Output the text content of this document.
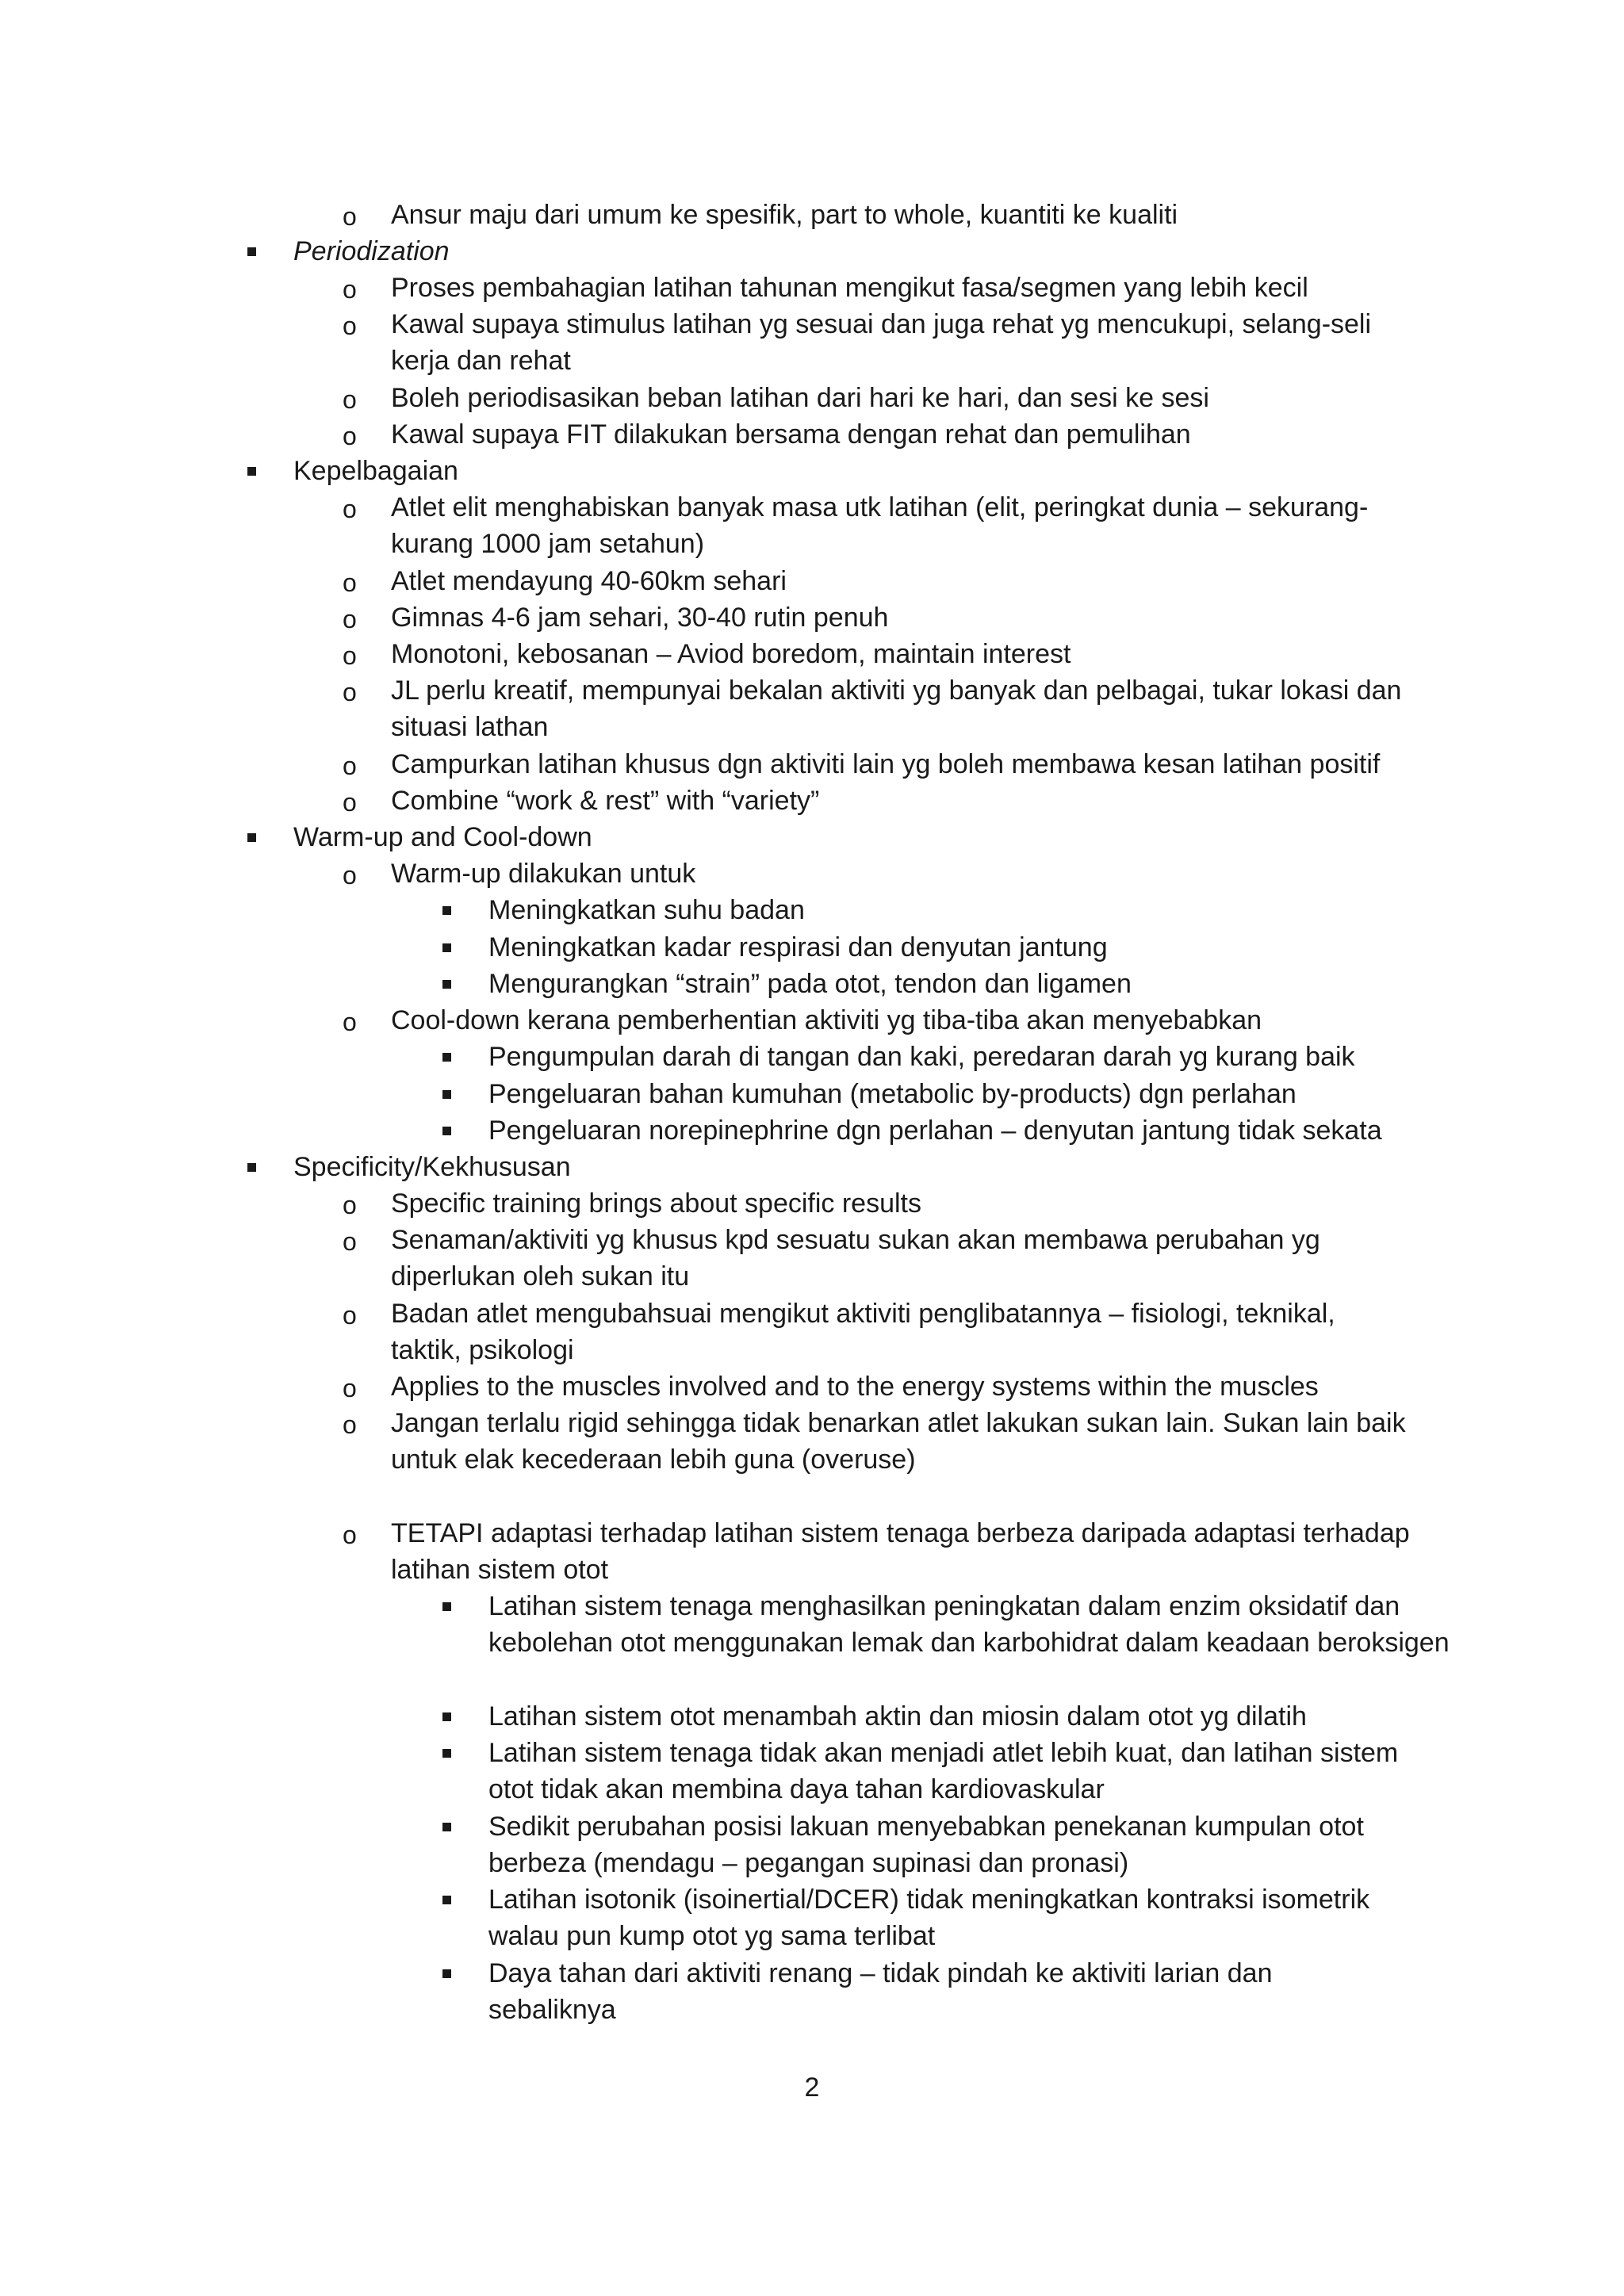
o Ansur maju dari umum ke spesifik, part to whole, kuantiti ke kualiti
Periodization
o Proses pembahagian latihan tahunan mengikut fasa/segmen yang lebih kecil
o Kawal supaya stimulus latihan yg sesuai dan juga rehat yg mencukupi, selang-seli kerja dan rehat
o Boleh periodisasikan beban latihan dari hari ke hari, dan sesi ke sesi
o Kawal supaya FIT dilakukan bersama dengan rehat dan pemulihan
Kepelbagaian
o Atlet elit menghabiskan banyak masa utk latihan (elit, peringkat dunia – sekurang-kurang 1000 jam setahun)
o Atlet mendayung 40-60km sehari
o Gimnas 4-6 jam sehari, 30-40 rutin penuh
o Monotoni, kebosanan – Aviod boredom, maintain interest
o JL perlu kreatif, mempunyai bekalan aktiviti yg banyak dan pelbagai, tukar lokasi dan situasi lathan
o Campurkan latihan khusus dgn aktiviti lain yg boleh membawa kesan latihan positif
o Combine “work & rest” with “variety”
Warm-up and Cool-down
o Warm-up dilakukan untuk
Meningkatkan suhu badan
Meningkatkan kadar respirasi dan denyutan jantung
Mengurangkan “strain” pada otot, tendon dan ligamen
o Cool-down kerana pemberhentian aktiviti yg tiba-tiba akan menyebabkan
Pengumpulan darah di tangan dan kaki, peredaran darah yg kurang baik
Pengeluaran bahan kumuhan (metabolic by-products) dgn perlahan
Pengeluaran norepinephrine dgn perlahan – denyutan jantung tidak sekata
Specificity/Kekhususan
o Specific training brings about specific results
o Senaman/aktiviti yg khusus kpd sesuatu sukan akan membawa perubahan yg diperlukan oleh sukan itu
o Badan atlet mengubahsuai mengikut aktiviti penglibatannya – fisiologi, teknikal, taktik, psikologi
o Applies to the muscles involved and to the energy systems within the muscles
o Jangan terlalu rigid sehingga tidak benarkan atlet lakukan sukan lain. Sukan lain baik untuk elak kecederaan lebih guna (overuse)
o TETAPI adaptasi terhadap latihan sistem tenaga berbeza daripada adaptasi terhadap latihan sistem otot
Latihan sistem tenaga menghasilkan peningkatan dalam enzim oksidatif dan kebolehan otot menggunakan lemak dan karbohidrat dalam keadaan beroksigen
Latihan sistem otot menambah aktin dan miosin dalam otot yg dilatih
Latihan sistem tenaga tidak akan menjadi atlet lebih kuat, dan latihan sistem otot tidak akan membina daya tahan kardiovaskular
Sedikit perubahan posisi lakuan menyebabkan penekanan kumpulan otot berbeza (mendagu – pegangan supinasi dan pronasi)
Latihan isotonik (isoinertial/DCER) tidak meningkatkan kontraksi isometrik walau pun kump otot yg sama terlibat
Daya tahan dari aktiviti renang – tidak pindah ke aktiviti larian dan sebaliknya
2
